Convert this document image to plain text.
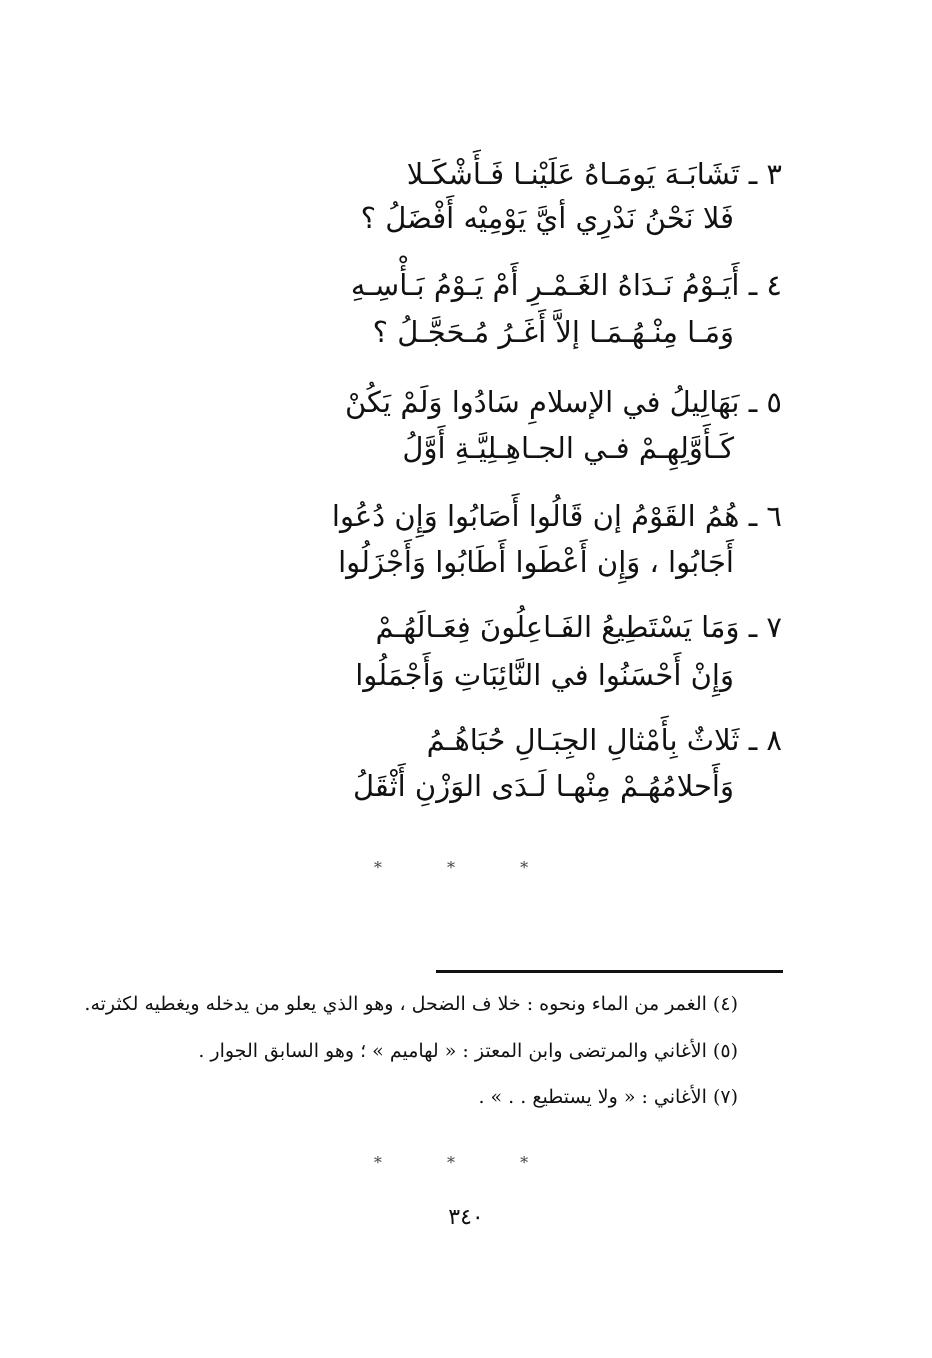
٣ ـ تَشَابَـهَ يَومَـاهُ عَلَيْنـا فَـأَشْكَـلا
فَلا نَحْنُ نَدْرِي أيَّ يَوْمِيْه أَفْضَلُ ؟
٤ ـ أَيَـوْمُ نَـدَاهُ الغَـمْـرِ أَمْ يَـوْمُ بَـأْسِـهِ
وَمَـا مِنْـهُـمَـا إلاَّ أَغَـرُ مُـحَجَّـلُ ؟
٥ ـ بَهَالِيلُ في الإسلامِ سَادُوا وَلَمْ يَكُنْ
كَـأَوَّلِهِـمْ فـي الجـاهِـلِيَّـةِ أَوَّلُ
٦ ـ هُمُ القَوْمُ إن قَالُوا أَصَابُوا وَإِن دُعُوا
أَجَابُوا ، وَإِن أَعْطَوا أَطَابُوا وَأَجْزَلُوا
٧ ـ وَمَا يَسْتَطِيعُ الفَـاعِلُونَ فِعَـالَهُـمْ
وَإِنْ أَحْسَنُوا في النَّائِبَاتِ وَأَجْمَلُوا
٨ ـ ثَلاثٌ بِأَمْثالِ الجِبَـالِ حُبَاهُـمُ
وَأَحلامُهُـمْ مِنْهـا لَـدَى الوَزْنِ أَثْقَلُ
* * *
(٤) الغمر من الماء ونحوه : خلا ف الضحل ، وهو الذي يعلو من يدخله ويغطيه لكثرته.
(٥) الأغاني والمرتضى وابن المعتز : « لهاميم » ؛ وهو السابق الجوار .
(٧) الأغاني : « ولا يستطيع . . » .
* * *
٣٤٠
